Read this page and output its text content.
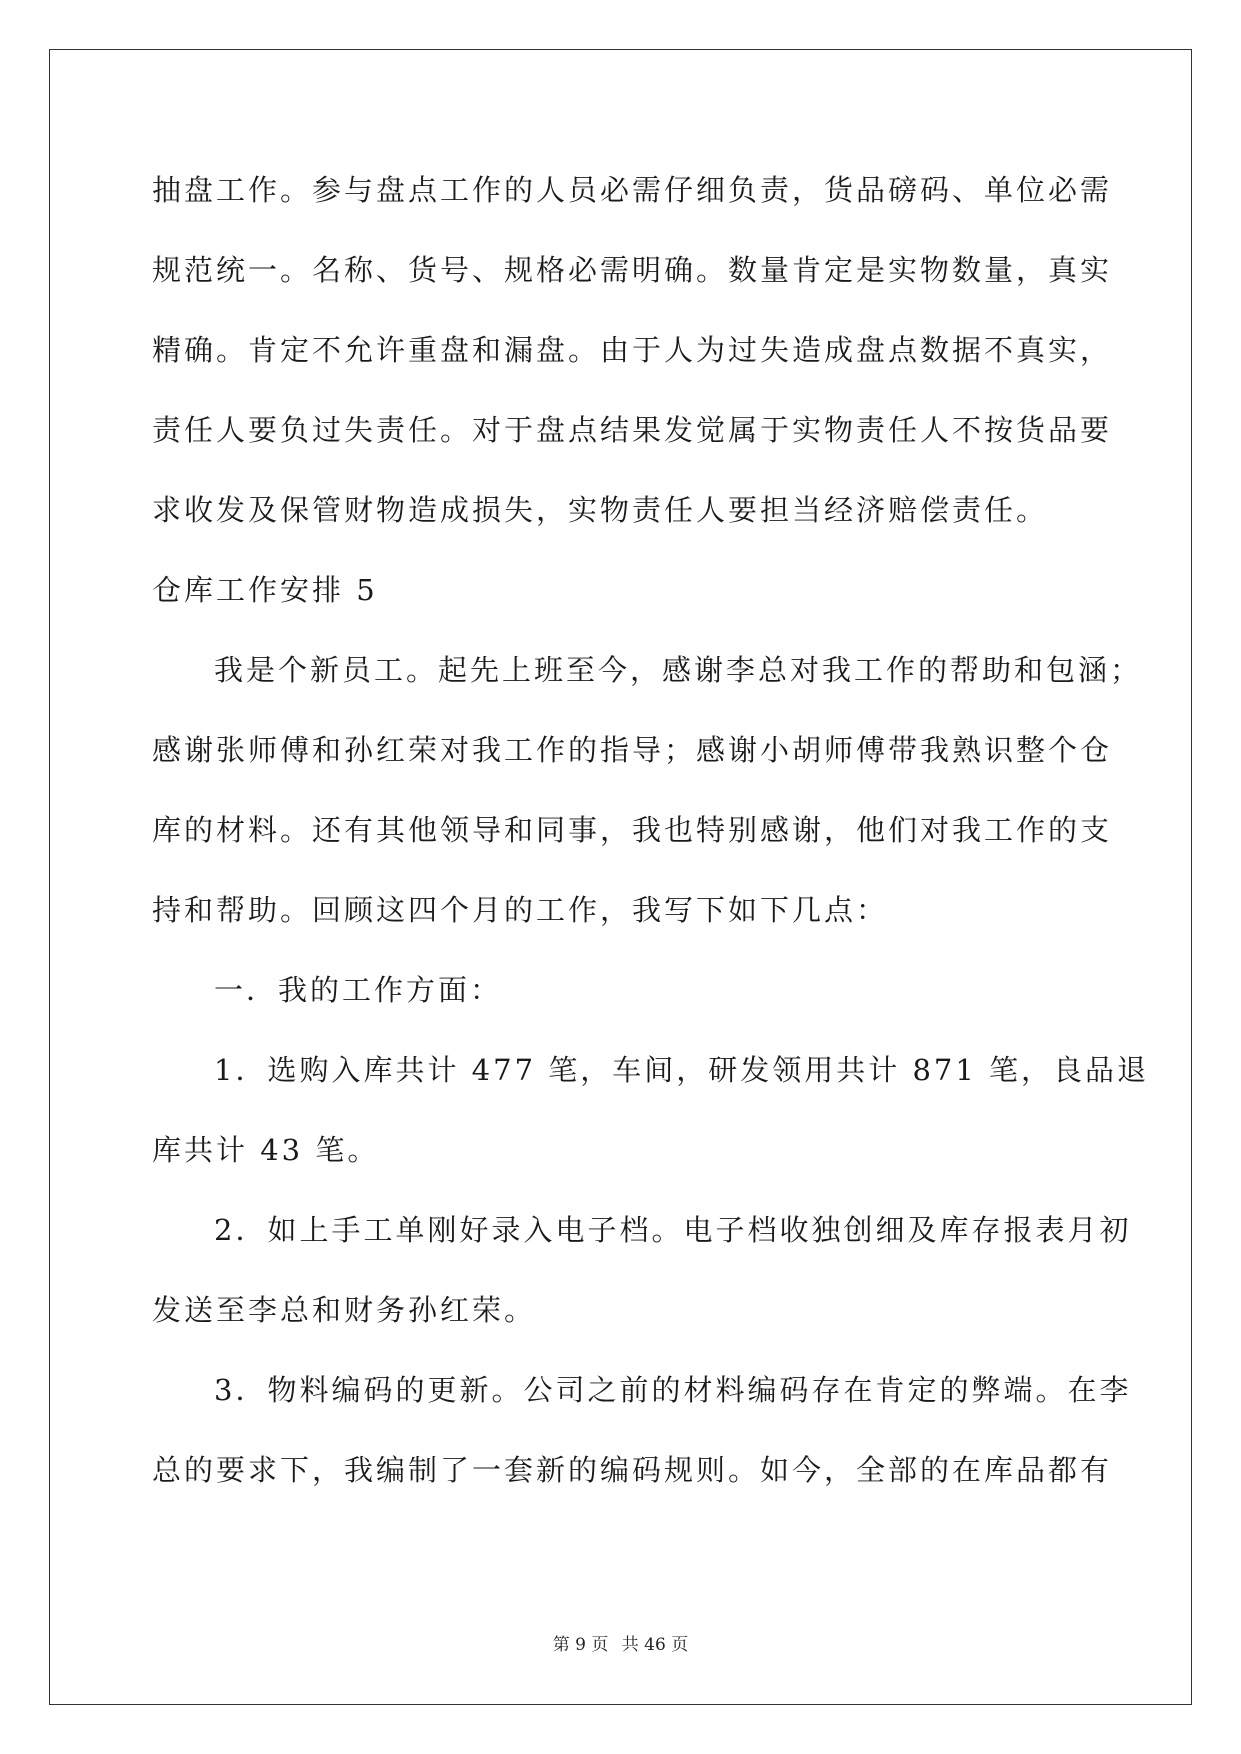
抽盘工作。参与盘点工作的人员必需仔细负责，货品磅码、单位必需
规范统一。名称、货号、规格必需明确。数量肯定是实物数量，真实
精确。肯定不允许重盘和漏盘。由于人为过失造成盘点数据不真实，
责任人要负过失责任。对于盘点结果发觉属于实物责任人不按货品要
求收发及保管财物造成损失，实物责任人要担当经济赔偿责任。
仓库工作安排 5
我是个新员工。起先上班至今，感谢李总对我工作的帮助和包涵；
感谢张师傅和孙红荣对我工作的指导；感谢小胡师傅带我熟识整个仓
库的材料。还有其他领导和同事，我也特别感谢，他们对我工作的支
持和帮助。回顾这四个月的工作，我写下如下几点：
一．我的工作方面：
1．选购入库共计 477 笔，车间，研发领用共计 871 笔，良品退
库共计 43 笔。
2．如上手工单刚好录入电子档。电子档收独创细及库存报表月初
发送至李总和财务孙红荣。
3．物料编码的更新。公司之前的材料编码存在肯定的弊端。在李
总的要求下，我编制了一套新的编码规则。如今，全部的在库品都有
第 9 页 共 46 页
